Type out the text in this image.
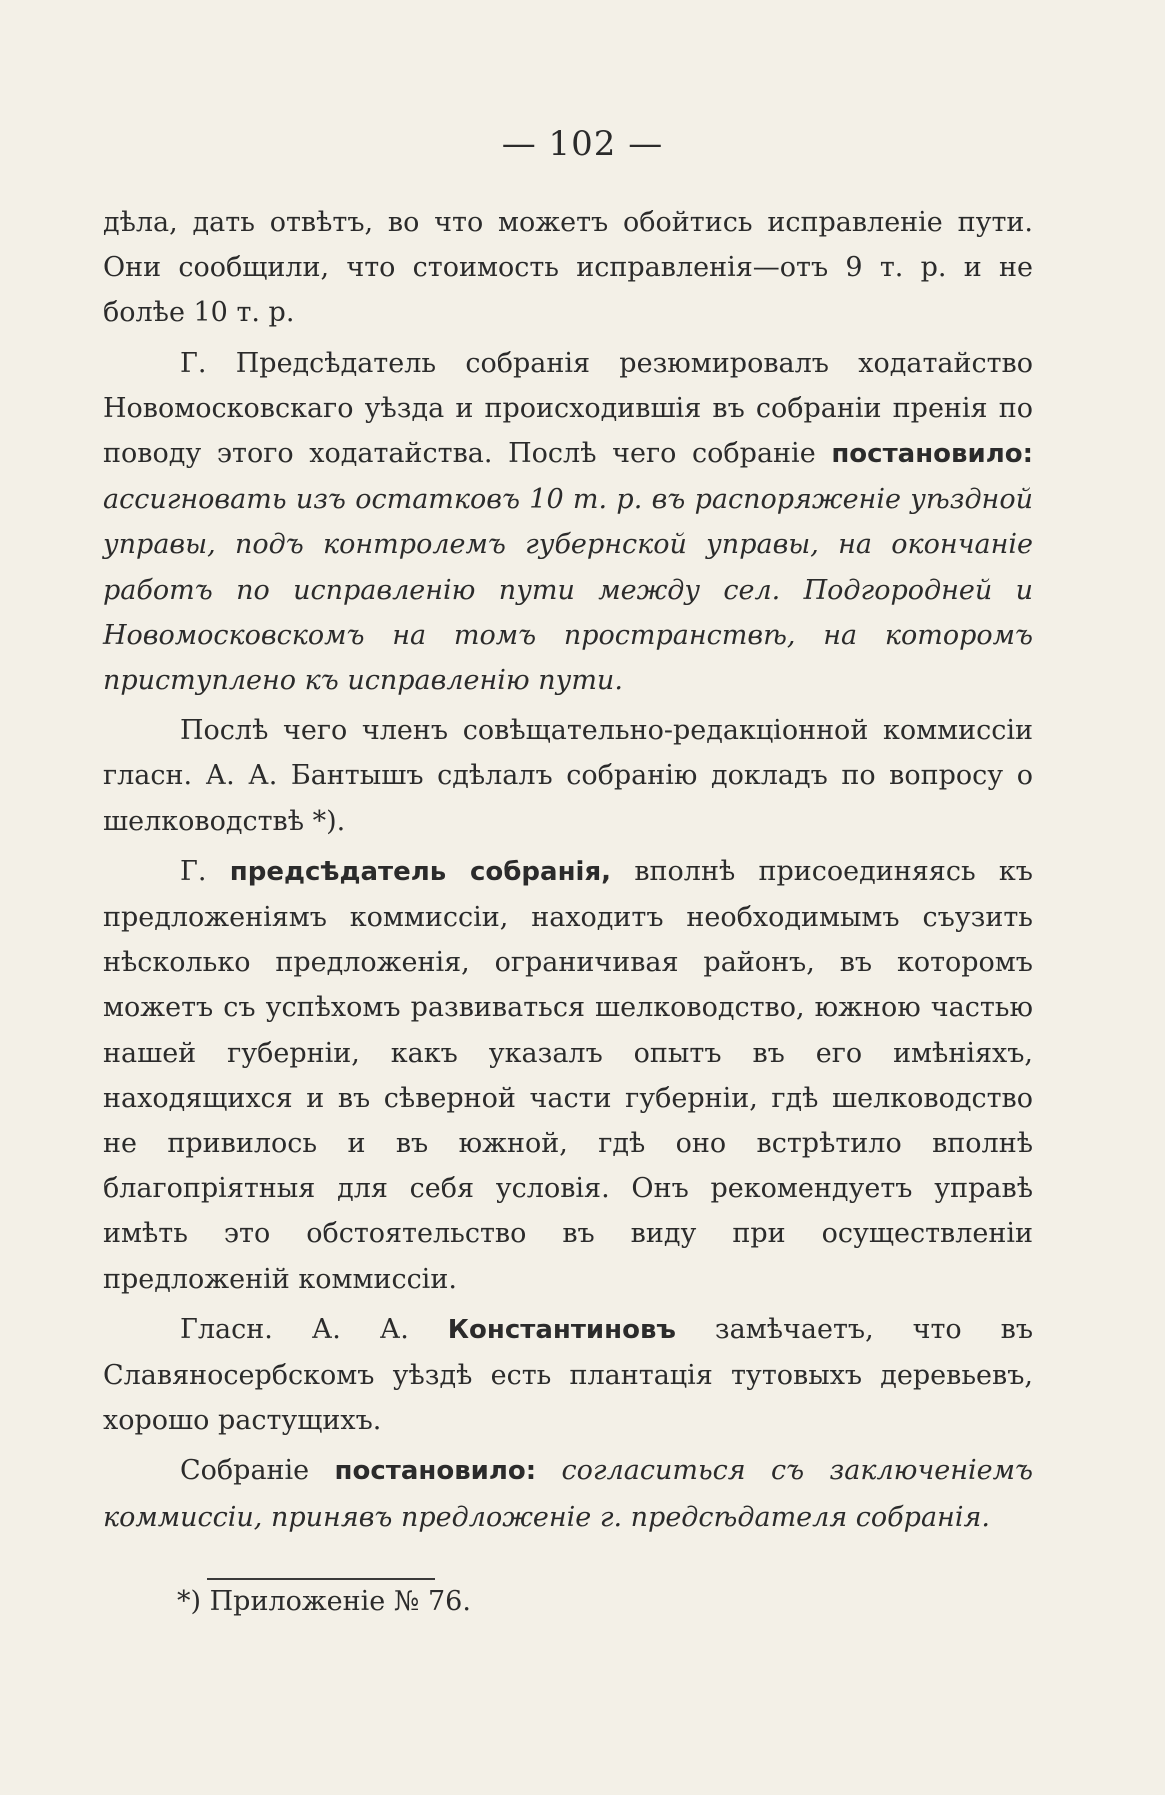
— 102 —

дѣла, дать отвѣтъ, во что можетъ обойтись исправленіе пути. Они сообщили, что стоимость исправленія—отъ 9 т. р. и не болѣе 10 т. р.

Г. Предсѣдатель собранія резюмировалъ ходатайство Новомосковскаго уѣзда и происходившія въ собраніи пренія по поводу этого ходатайства. Послѣ чего собраніе постановило: ассигновать изъ остатковъ 10 т. р. въ распоряженіе уѣздной управы, подъ контролемъ губернской управы, на окончаніе работъ по исправленію пути между сел. Подгородней и Новомосковскомъ на томъ пространствѣ, на которомъ приступлено къ исправленію пути.

Послѣ чего членъ совѣщательно-редакціонной коммиссіи гласн. А. А. Бантышъ сдѣлалъ собранію докладъ по вопросу о шелководствѣ *).

Г. предсѣдатель собранія, вполнѣ присоединяясь къ предложеніямъ коммиссіи, находитъ необходимымъ съузить нѣсколько предложенія, ограничивая районъ, въ которомъ можетъ съ успѣхомъ развиваться шелководство, южною частью нашей губерніи, какъ указалъ опытъ въ его имѣніяхъ, находящихся и въ сѣверной части губерніи, гдѣ шелководство не привилось и въ южной, гдѣ оно встрѣтило вполнѣ благопріятныя для себя условія. Онъ рекомендуетъ управѣ имѣть это обстоятельство въ виду при осуществленіи предложеній коммиссіи.

Гласн. А. А. Константиновъ замѣчаетъ, что въ Славяносербскомъ уѣздѣ есть плантація тутовыхъ деревьевъ, хорошо растущихъ.

Собраніе постановило: согласиться съ заключеніемъ коммиссіи, принявъ предложеніе г. предсѣдателя собранія.

*) Приложеніе № 76.
